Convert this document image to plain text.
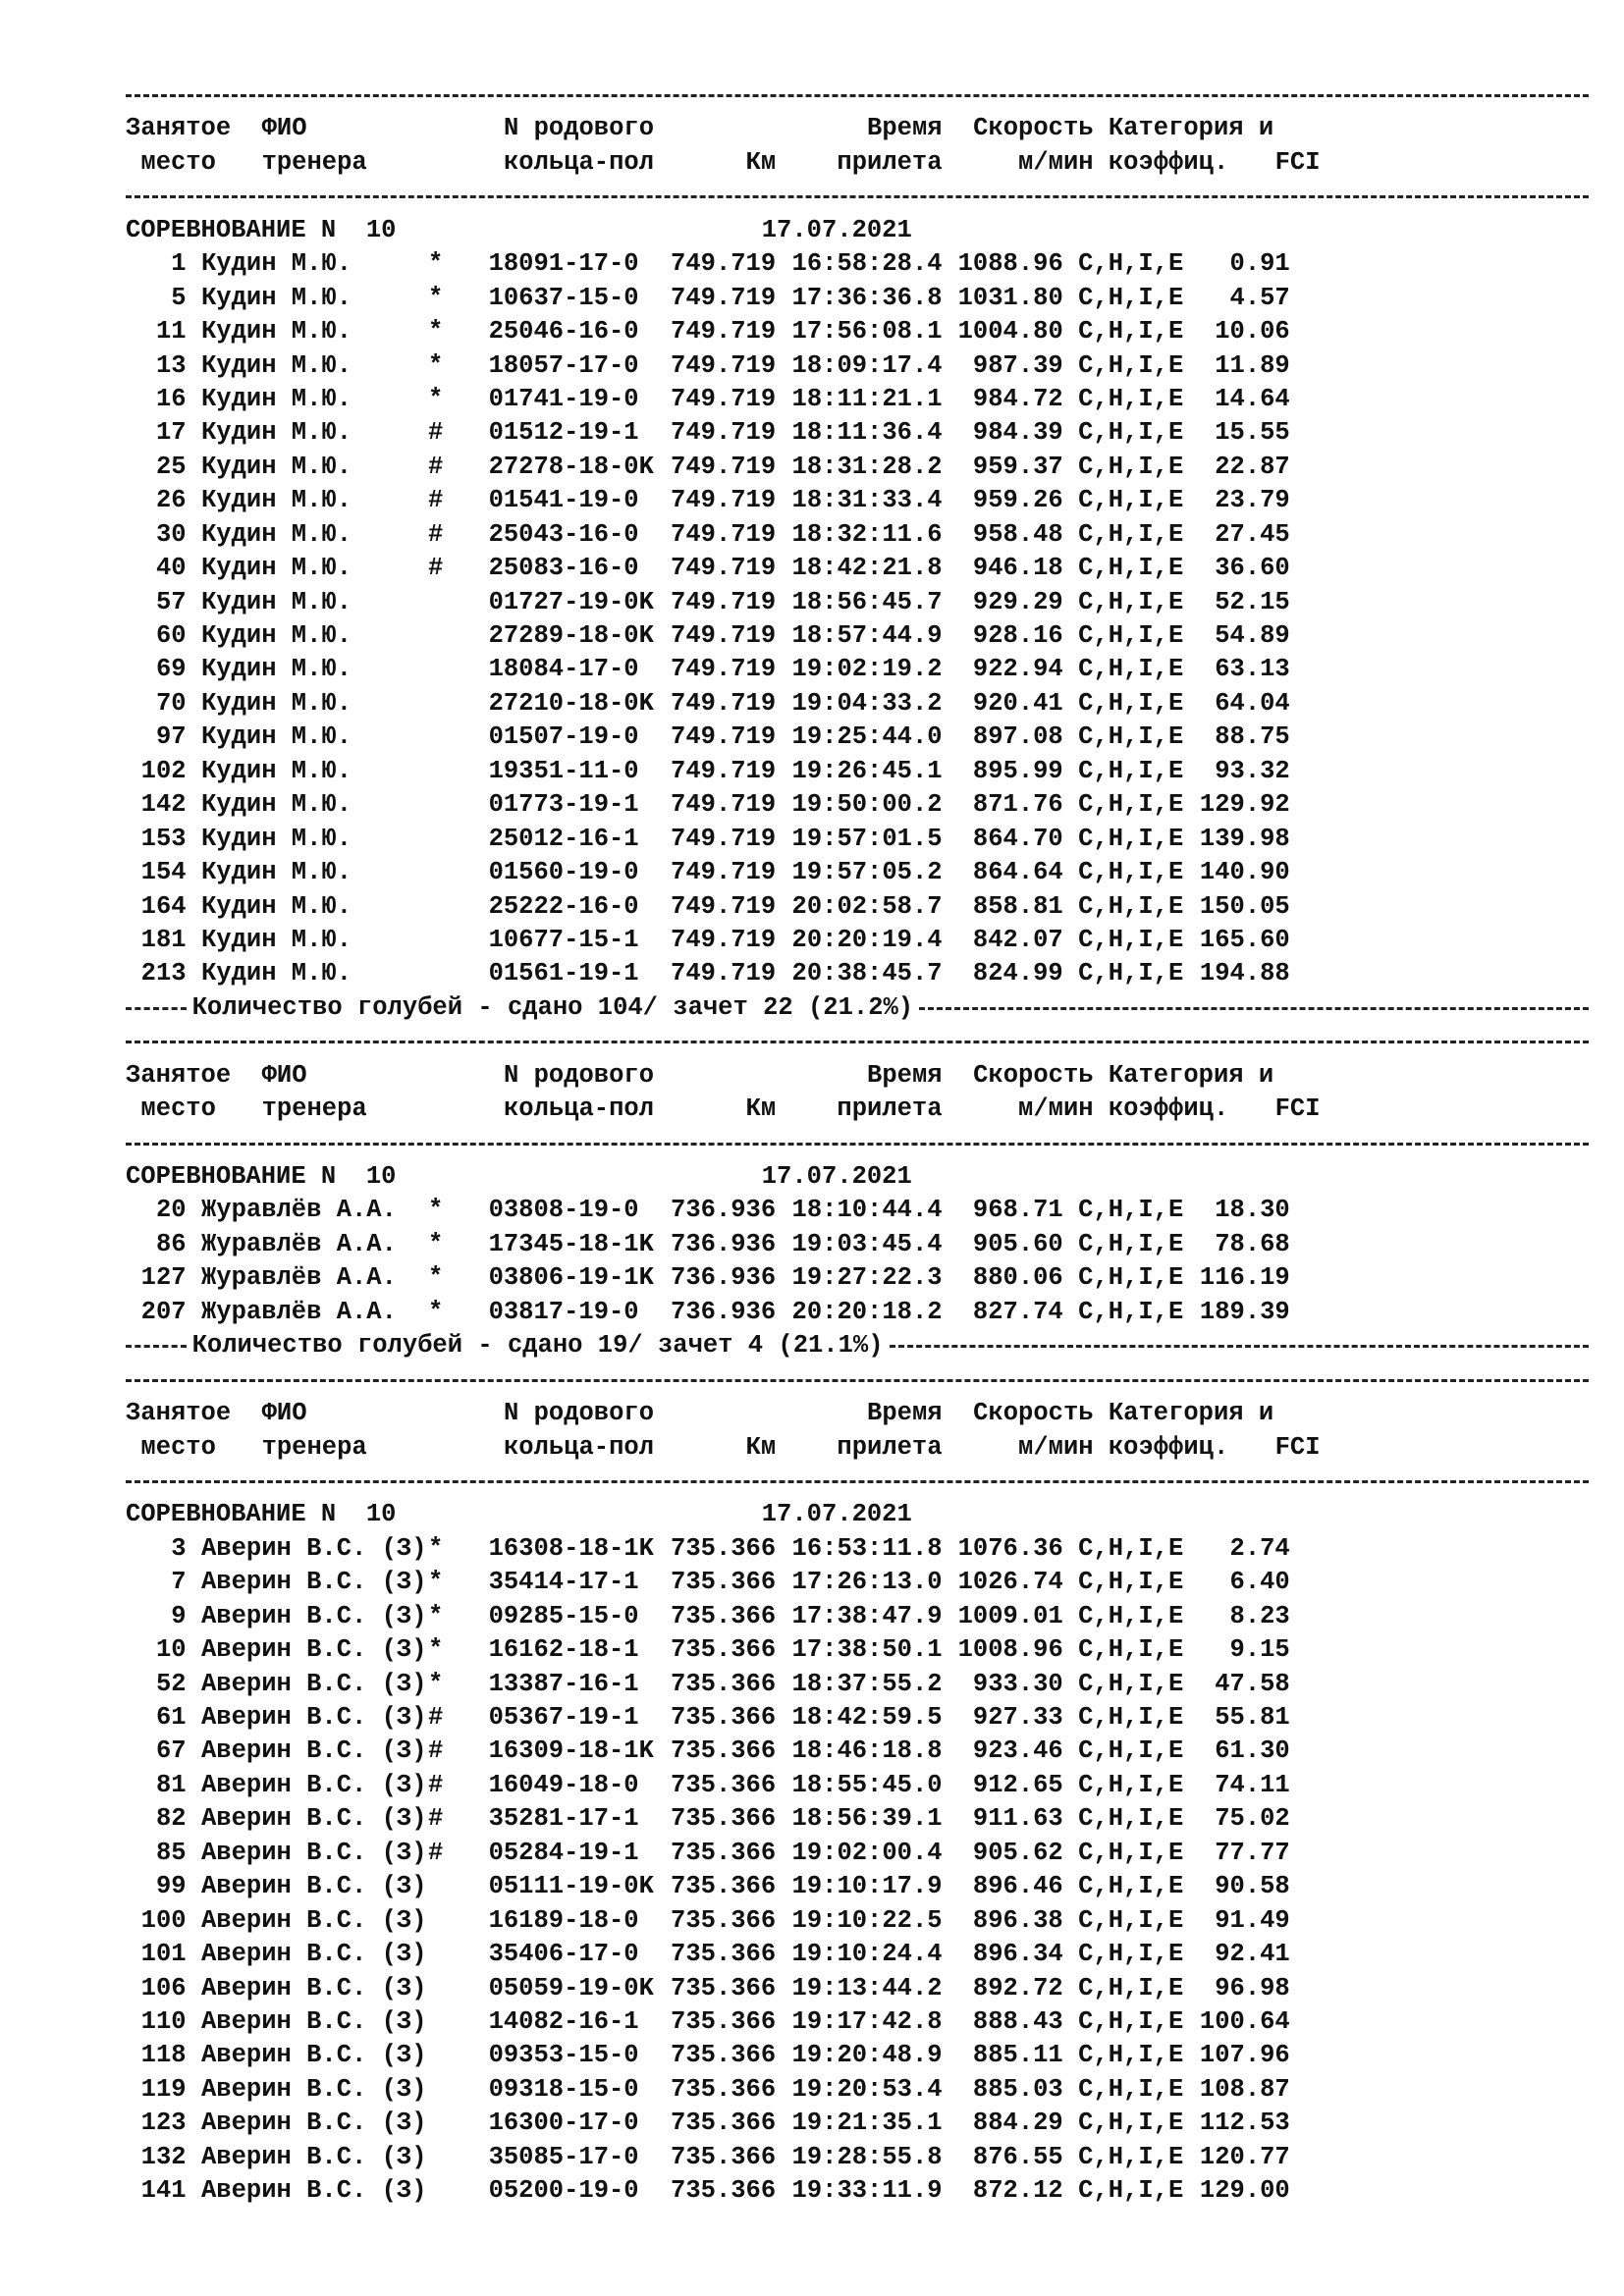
Занятое ФИО	N родового	Время Скорость Категория и
место тренера	кольца-пол	Км прилета	м/мин коэффиц. FCI
СОРЕВНОВАНИЕ N  10	17.07.2021
1 Кудин М.Ю.	* 18091-17-0 749.719 16:58:28.4 1088.96 C,H,I,E 0.91
5 Кудин М.Ю.	* 10637-15-0 749.719 17:36:36.8 1031.80 C,H,I,E 4.57
11 Кудин М.Ю.	* 25046-16-0 749.719 17:56:08.1 1004.80 C,H,I,E 10.06
13 Кудин М.Ю.	* 18057-17-0 749.719 18:09:17.4 987.39 C,H,I,E 11.89
16 Кудин М.Ю.	* 01741-19-0 749.719 18:11:21.1 984.72 C,H,I,E 14.64
17 Кудин М.Ю.	# 01512-19-1 749.719 18:11:36.4 984.39 C,H,I,E 15.55
25 Кудин М.Ю.	# 27278-18-0K 749.719 18:31:28.2 959.37 C,H,I,E 22.87
26 Кудин М.Ю.	# 01541-19-0 749.719 18:31:33.4 959.26 C,H,I,E 23.79
30 Кудин М.Ю.	# 25043-16-0 749.719 18:32:11.6 958.48 C,H,I,E 27.45
40 Кудин М.Ю.	# 25083-16-0 749.719 18:42:21.8 946.18 C,H,I,E 36.60
57 Кудин М.Ю.	01727-19-0K 749.719 18:56:45.7 929.29 C,H,I,E 52.15
60 Кудин М.Ю.	27289-18-0K 749.719 18:57:44.9 928.16 C,H,I,E 54.89
69 Кудин М.Ю.	18084-17-0 749.719 19:02:19.2 922.94 C,H,I,E 63.13
70 Кудин М.Ю.	27210-18-0K 749.719 19:04:33.2 920.41 C,H,I,E 64.04
97 Кудин М.Ю.	01507-19-0 749.719 19:25:44.0 897.08 C,H,I,E 88.75
102 Кудин М.Ю.	19351-11-0 749.719 19:26:45.1 895.99 C,H,I,E 93.32
142 Кудин М.Ю.	01773-19-1 749.719 19:50:00.2 871.76 C,H,I,E 129.92
153 Кудин М.Ю.	25012-16-1 749.719 19:57:01.5 864.70 C,H,I,E 139.98
154 Кудин М.Ю.	01560-19-0 749.719 19:57:05.2 864.64 C,H,I,E 140.90
164 Кудин М.Ю.	25222-16-0 749.719 20:02:58.7 858.81 C,H,I,E 150.05
181 Кудин М.Ю.	10677-15-1 749.719 20:20:19.4 842.07 C,H,I,E 165.60
213 Кудин М.Ю.	01561-19-1 749.719 20:38:45.7 824.99 C,H,I,E 194.88
Количество голубей - сдано 104/ зачет 22 (21.2%)
Занятое ФИО	N родового	Время Скорость Категория и
место тренера	кольца-пол	Км прилета	м/мин коэффиц. FCI
СОРЕВНОВАНИЕ N  10	17.07.2021
20 Журавлёв А.А. * 03808-19-0 736.936 18:10:44.4 968.71 C,H,I,E 18.30
86 Журавлёв А.А. * 17345-18-1K 736.936 19:03:45.4 905.60 C,H,I,E 78.68
127 Журавлёв А.А. * 03806-19-1K 736.936 19:27:22.3 880.06 C,H,I,E 116.19
207 Журавлёв А.А. * 03817-19-0 736.936 20:20:18.2 827.74 C,H,I,E 189.39
Количество голубей - сдано 19/ зачет 4 (21.1%)
Занятое ФИО	N родового	Время Скорость Категория и
место тренера	кольца-пол	Км прилета	м/мин коэффиц. FCI
СОРЕВНОВАНИЕ N  10	17.07.2021
3 Аверин В.С. (З)* 16308-18-1K 735.366 16:53:11.8 1076.36 C,H,I,E 2.74
7 Аверин В.С. (З)* 35414-17-1 735.366 17:26:13.0 1026.74 C,H,I,E 6.40
9 Аверин В.С. (З)* 09285-15-0 735.366 17:38:47.9 1009.01 C,H,I,E 8.23
10 Аверин В.С. (З)* 16162-18-1 735.366 17:38:50.1 1008.96 C,H,I,E 9.15
52 Аверин В.С. (З)* 13387-16-1 735.366 18:37:55.2 933.30 C,H,I,E 47.58
61 Аверин В.С. (З)# 05367-19-1 735.366 18:42:59.5 927.33 C,H,I,E 55.81
67 Аверин В.С. (З)# 16309-18-1K 735.366 18:46:18.8 923.46 C,H,I,E 61.30
81 Аверин В.С. (З)# 16049-18-0 735.366 18:55:45.0 912.65 C,H,I,E 74.11
82 Аверин В.С. (З)# 35281-17-1 735.366 18:56:39.1 911.63 C,H,I,E 75.02
85 Аверин В.С. (З)# 05284-19-1 735.366 19:02:00.4 905.62 C,H,I,E 77.77
99 Аверин В.С. (З) 05111-19-0K 735.366 19:10:17.9 896.46 C,H,I,E 90.58
100 Аверин В.С. (З) 16189-18-0 735.366 19:10:22.5 896.38 C,H,I,E 91.49
101 Аверин В.С. (З) 35406-17-0 735.366 19:10:24.4 896.34 C,H,I,E 92.41
106 Аверин В.С. (З) 05059-19-0K 735.366 19:13:44.2 892.72 C,H,I,E 96.98
110 Аверин В.С. (З) 14082-16-1 735.366 19:17:42.8 888.43 C,H,I,E 100.64
118 Аверин В.С. (З) 09353-15-0 735.366 19:20:48.9 885.11 C,H,I,E 107.96
119 Аверин В.С. (З) 09318-15-0 735.366 19:20:53.4 885.03 C,H,I,E 108.87
123 Аверин В.С. (З) 16300-17-0 735.366 19:21:35.1 884.29 C,H,I,E 112.53
132 Аверин В.С. (З) 35085-17-0 735.366 19:28:55.8 876.55 C,H,I,E 120.77
141 Аверин В.С. (З) 05200-19-0 735.366 19:33:11.9 872.12 C,H,I,E 129.00
